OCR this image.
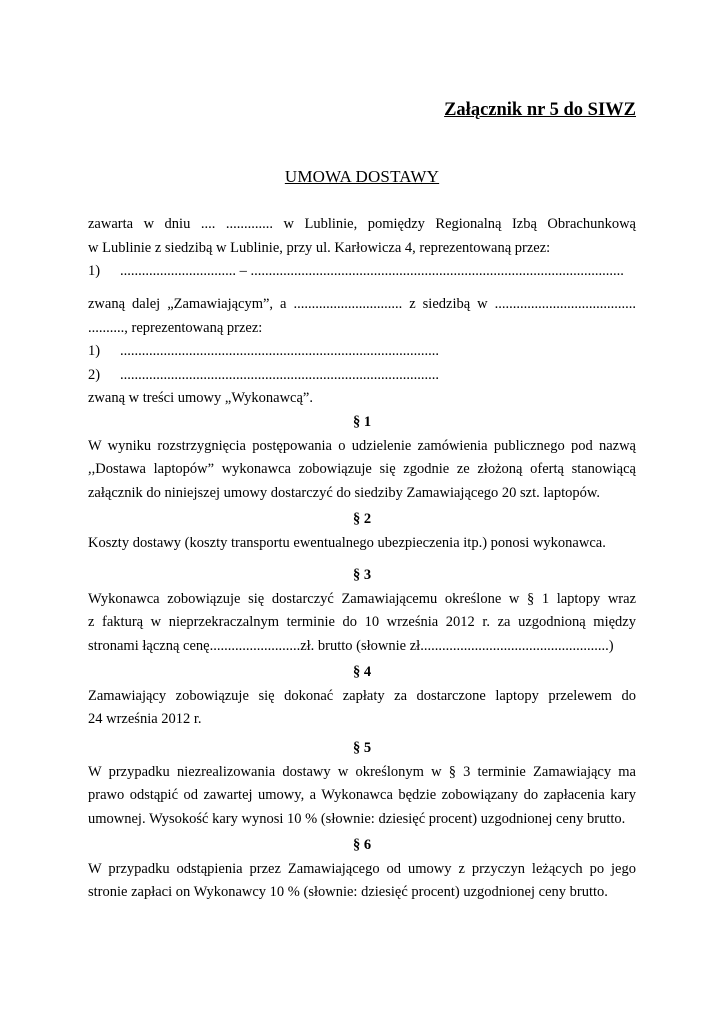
Załącznik nr 5 do SIWZ
UMOWA DOSTAWY

zawarta w dniu .... ............. w Lublinie, pomiędzy Regionalną Izbą Obrachunkową

w Lublinie z siedzibą w Lublinie, przy ul. Karłowicza 4, reprezentowaną przez:

1)	................................ – .......................................................................................................

zwaną dalej „Zamawiającym”, a .............................. z siedzibą w .......................................

.........., reprezentowaną przez:

1)	........................................................................................
2)	........................................................................................

zwaną w treści umowy „Wykonawcą”.

§ 1

W wyniku rozstrzygnięcia postępowania o udzielenie zamówienia publicznego pod nazwą

,,Dostawa laptopów” wykonawca zobowiązuje się zgodnie ze złożoną ofertą stanowiącą

załącznik do niniejszej umowy dostarczyć do siedziby Zamawiającego 20 szt. laptopów.

§ 2

Koszty dostawy (koszty transportu ewentualnego ubezpieczenia itp.) ponosi wykonawca.

§ 3

Wykonawca zobowiązuje się dostarczyć Zamawiającemu określone w § 1 laptopy wraz

z fakturą w nieprzekraczalnym terminie do 10 września 2012 r. za uzgodnioną między

stronami łączną cenę.........................zł. brutto (słownie zł....................................................)

§ 4

Zamawiający zobowiązuje się dokonać zapłaty za dostarczone laptopy przelewem do

24 września 2012 r.

§ 5

W przypadku niezrealizowania dostawy w określonym w § 3 terminie Zamawiający ma

prawo odstąpić od zawartej umowy, a Wykonawca będzie zobowiązany do zapłacenia kary

umownej. Wysokość kary wynosi 10 % (słownie: dziesięć procent) uzgodnionej ceny brutto.

§ 6

W przypadku odstąpienia przez Zamawiającego od umowy z przyczyn leżących po jego

stronie zapłaci on Wykonawcy 10 % (słownie: dziesięć procent) uzgodnionej ceny brutto.
